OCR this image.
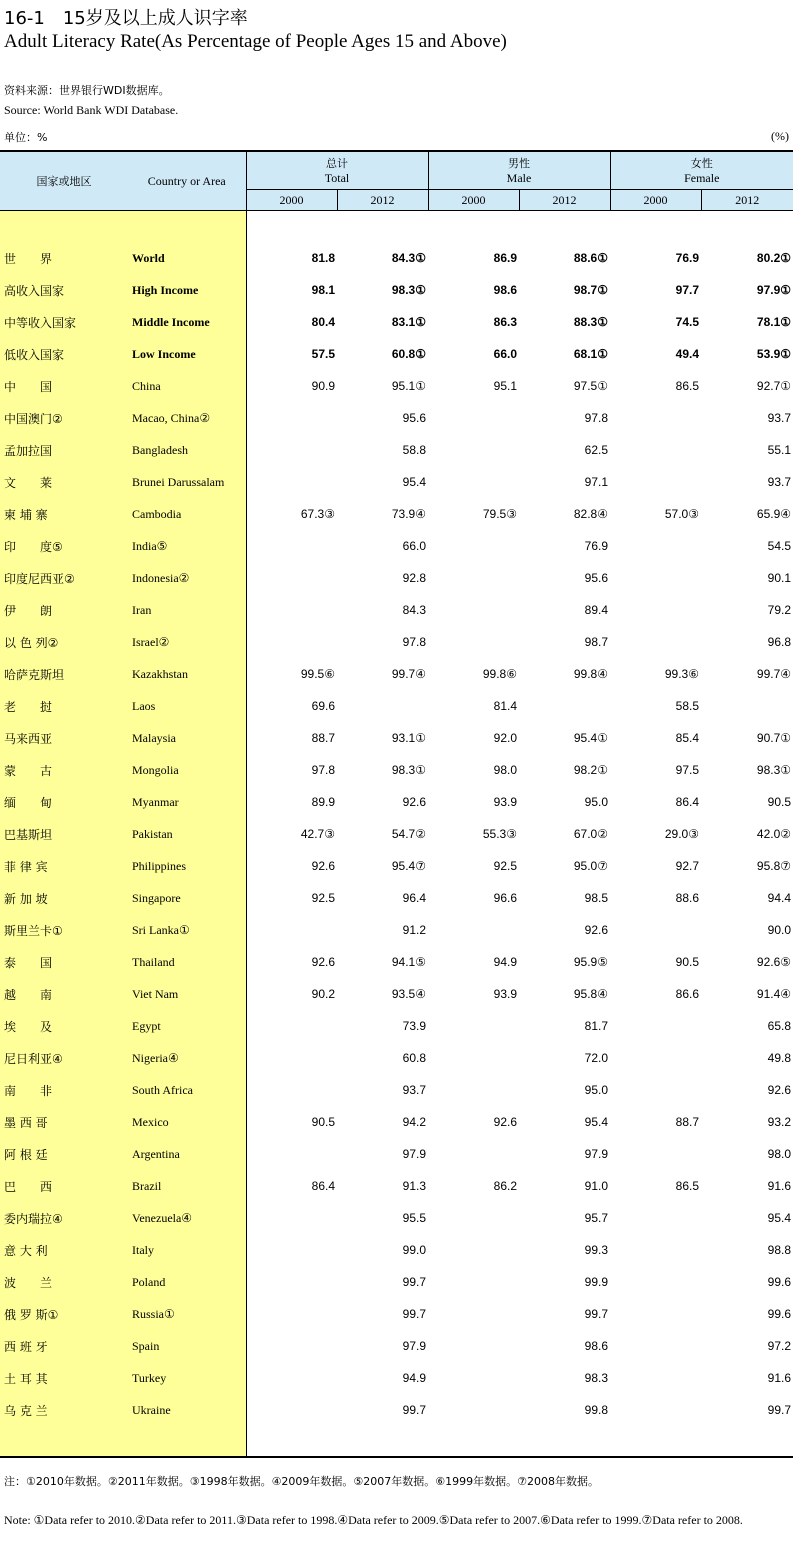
16-1　15岁及以上成人识字率
Adult Literacy Rate(As Percentage of People Ages 15 and Above)
资料来源：世界银行WDI数据库。
Source: World Bank WDI Database.
单位：%	(%)
国家或地区	Country or Area	总计
Total		男性
Male		女性
Female	

		2000	2012	2000	2012	2000	2012

世　　界	World	81.8	84.3①	86.9	88.6①	76.9	80.2①
高收入国家	High Income	98.1	98.3①	98.6	98.7①	97.7	97.9①
中等收入国家	Middle Income	80.4	83.1①	86.3	88.3①	74.5	78.1①
低收入国家	Low Income	57.5	60.8①	66.0	68.1①	49.4	53.9①
中　　国	China	90.9	95.1①	95.1	97.5①	86.5	92.7①
中国澳门②	Macao, China②		95.6		97.8		93.7
孟加拉国	Bangladesh		58.8		62.5		55.1
文　　莱	Brunei Darussalam		95.4		97.1		93.7
柬 埔 寨	Cambodia	67.3③	73.9④	79.5③	82.8④	57.0③	65.9④
印　　度⑤	India⑤		66.0		76.9		54.5
印度尼西亚②	Indonesia②		92.8		95.6		90.1
伊　　朗	Iran		84.3		89.4		79.2
以 色 列②	Israel②		97.8		98.7		96.8
哈萨克斯坦	Kazakhstan	99.5⑥	99.7④	99.8⑥	99.8④	99.3⑥	99.7④
老　　挝	Laos	69.6		81.4		58.5	
马来西亚	Malaysia	88.7	93.1①	92.0	95.4①	85.4	90.7①
蒙　　古	Mongolia	97.8	98.3①	98.0	98.2①	97.5	98.3①
缅　　甸	Myanmar	89.9	92.6	93.9	95.0	86.4	90.5
巴基斯坦	Pakistan	42.7③	54.7②	55.3③	67.0②	29.0③	42.0②
菲 律 宾	Philippines	92.6	95.4⑦	92.5	95.0⑦	92.7	95.8⑦
新 加 坡	Singapore	92.5	96.4	96.6	98.5	88.6	94.4
斯里兰卡①	Sri Lanka①		91.2		92.6		90.0
泰　　国	Thailand	92.6	94.1⑤	94.9	95.9⑤	90.5	92.6⑤
越　　南	Viet Nam	90.2	93.5④	93.9	95.8④	86.6	91.4④
埃　　及	Egypt		73.9		81.7		65.8
尼日利亚④	Nigeria④		60.8		72.0		49.8
南　　非	South Africa		93.7		95.0		92.6
墨 西 哥	Mexico	90.5	94.2	92.6	95.4	88.7	93.2
阿 根 廷	Argentina		97.9		97.9		98.0
巴　　西	Brazil	86.4	91.3	86.2	91.0	86.5	91.6
委内瑞拉④	Venezuela④		95.5		95.7		95.4
意 大 利	Italy		99.0		99.3		98.8
波　　兰	Poland		99.7		99.9		99.6
俄 罗 斯①	Russia①		99.7		99.7		99.6
西 班 牙	Spain		97.9		98.6		97.2
土 耳 其	Turkey		94.9		98.3		91.6
乌 克 兰	Ukraine		99.7		99.8		99.7

注：①2010年数据。②2011年数据。③1998年数据。④2009年数据。⑤2007年数据。⑥1999年数据。⑦2008年数据。
Note: ①Data refer to 2010.②Data refer to 2011.③Data refer to 1998.④Data refer to 2009.⑤Data refer to 2007.⑥Data refer to 1999.⑦Data refer to 2008.
